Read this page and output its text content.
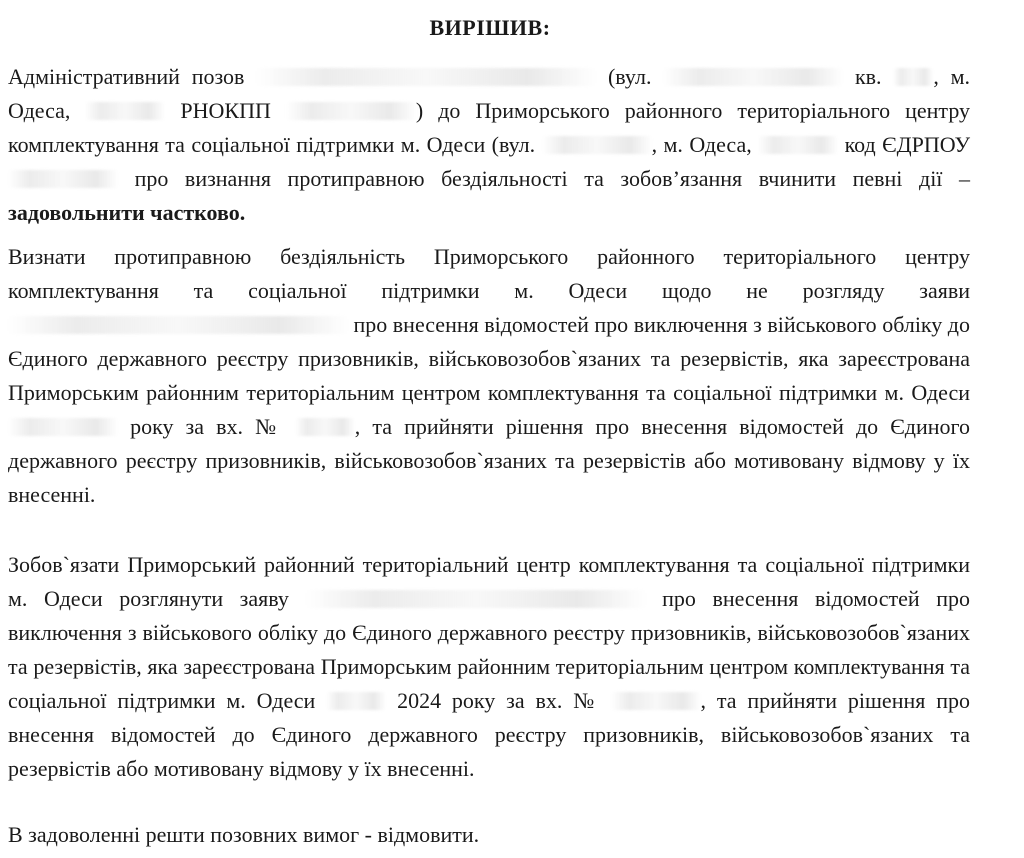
ВИРІШИВ:
Адміністративний позов	(вул.	кв. , м. Одеса,	РНОКПП	) до Приморського районного територіального центру комплектування та соціальної підтримки м. Одеси (вул.	, м. Одеса,	код ЄДРПОУ  про визнання протиправною бездіяльності та зобов’язання вчинити певні дії – задовольнити частково.
Визнати протиправною бездіяльність Приморського районного територіального центру комплектування та соціальної підтримки м. Одеси щодо не розгляду заяви  про внесення відомостей про виключення з військового обліку до Єдиного державного реєстру призовників, військовозобов`язаних та резервістів, яка зареєстрована Приморським районним територіальним центром комплектування та соціальної підтримки м. Одеси  року за вх. №	, та прийняти рішення про внесення відомостей до Єдиного державного реєстру призовників, військовозобов`язаних та резервістів або мотивовану відмову у їх внесенні.
Зобов`язати Приморський районний територіальний центр комплектування та соціальної підтримки м. Одеси розглянути заяву	про внесення відомостей про виключення з військового обліку до Єдиного державного реєстру призовників, військовозобов`язаних та резервістів, яка зареєстрована Приморським районним територіальним центром комплектування та соціальної підтримки м. Одеси	2024 року за вх. №	, та прийняти рішення про внесення відомостей до Єдиного державного реєстру призовників, військовозобов`язаних та резервістів або мотивовану відмову у їх внесенні.
В задоволенні решти позовних вимог - відмовити.
